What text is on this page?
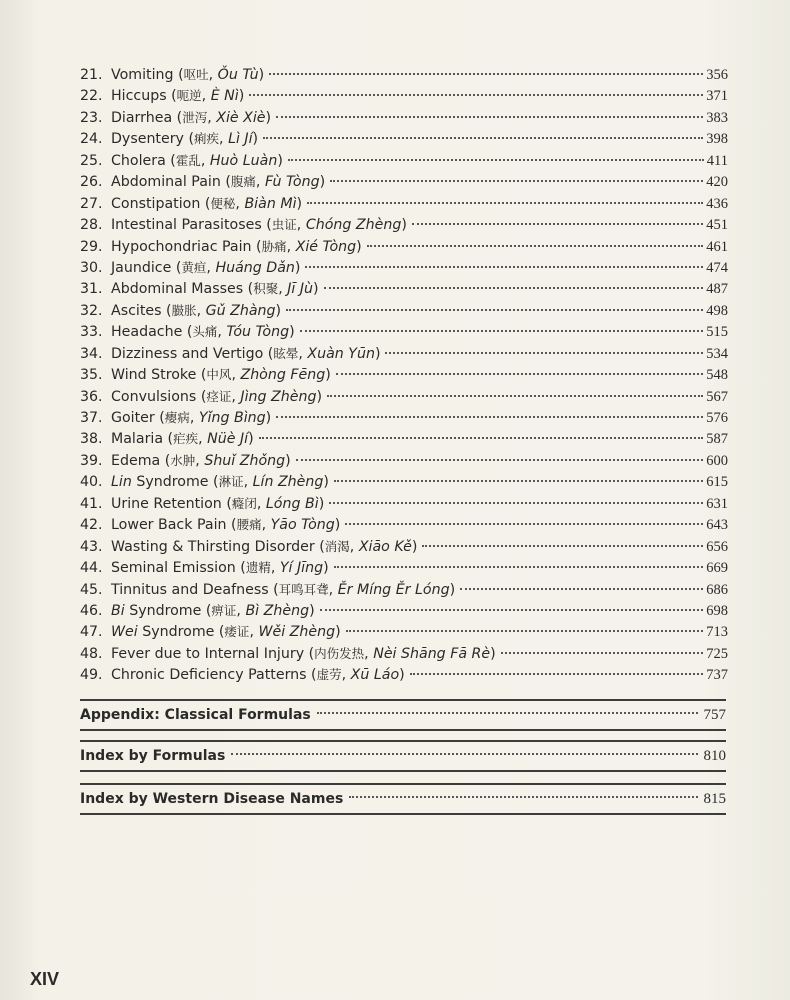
21. Vomiting (呕吐, Ǒu Tù)	356
22. Hiccups (呃逆, È Nì)	371
23. Diarrhea (泄泻, Xiè Xiè)	383
24. Dysentery (痢疾, Lì Jí)	398
25. Cholera (霍乱, Huò Luàn)	411
26. Abdominal Pain (腹痛, Fù Tòng)	420
27. Constipation (便秘, Biàn Mì)	436
28. Intestinal Parasitoses (虫证, Chóng Zhèng)	451
29. Hypochondriac Pain (胁痛, Xié Tòng)	461
30. Jaundice (黄疸, Huáng Dǎn)	474
31. Abdominal Masses (积聚, Jī Jù)	487
32. Ascites (臌胀, Gǔ Zhàng)	498
33. Headache (头痛, Tóu Tòng)	515
34. Dizziness and Vertigo (眩晕, Xuàn Yūn)	534
35. Wind Stroke (中风, Zhòng Fēng)	548
36. Convulsions (痉证, Jìng Zhèng)	567
37. Goiter (瘿病, Yǐng Bìng)	576
38. Malaria (疟疾, Nüè Jí)	587
39. Edema (水肿, Shuǐ Zhǒng)	600
40. Lin Syndrome (淋证, Lín Zhèng)	615
41. Urine Retention (癃闭, Lóng Bì)	631
42. Lower Back Pain (腰痛, Yāo Tòng)	643
43. Wasting & Thirsting Disorder (消渴, Xiāo Kě)	656
44. Seminal Emission (遗精, Yí Jīng)	669
45. Tinnitus and Deafness (耳鸣耳聋, Ěr Míng Ěr Lóng)	686
46. Bi Syndrome (痹证, Bì Zhèng)	698
47. Wei Syndrome (痿证, Wěi Zhèng)	713
48. Fever due to Internal Injury (内伤发热, Nèi Shāng Fā Rè)	725
49. Chronic Deficiency Patterns (虚劳, Xū Láo)	737
Appendix: Classical Formulas	757
Index by Formulas	810
Index by Western Disease Names	815
XIV
